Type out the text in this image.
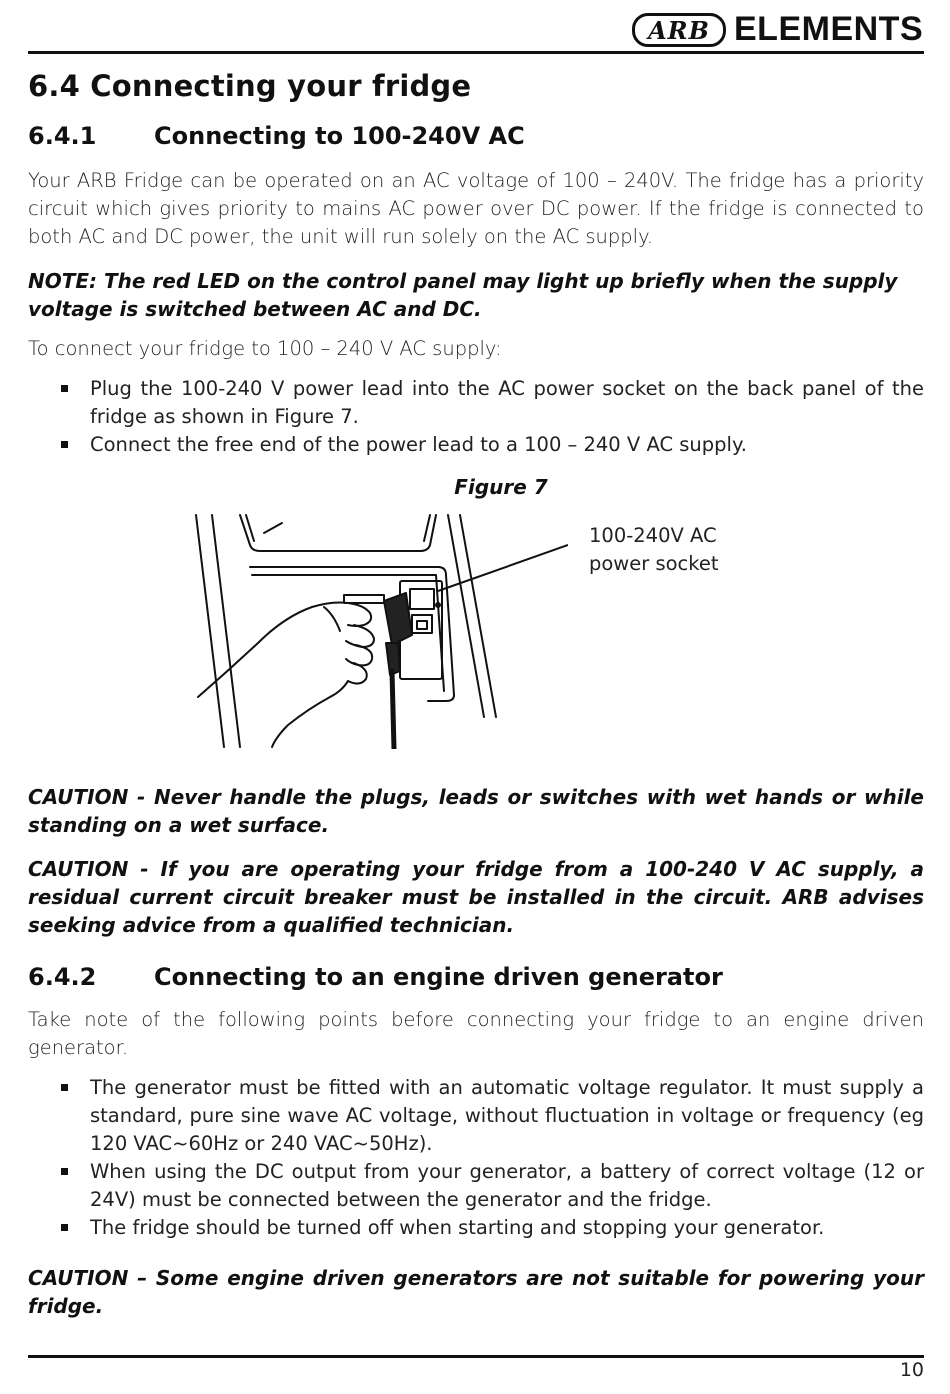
ARB ELEMENTS
6.4 Connecting your fridge
6.4.1	Connecting to 100-240V AC

Your ARB Fridge can be operated on an AC voltage of 100 – 240V. The fridge has a priority circuit which gives priority to mains AC power over DC power. If the fridge is connected to both AC and DC power, the unit will run solely on the AC supply.

NOTE: The red LED on the control panel may light up briefly when the supply voltage is switched between AC and DC.

To connect your fridge to 100 – 240 V AC supply:

Plug the 100-240 V power lead into the AC power socket on the back panel of the fridge as shown in Figure 7.
Connect the free end of the power lead to a 100 – 240 V AC supply.
Figure 7
100-240V AC
power socket

CAUTION - Never handle the plugs, leads or switches with wet hands or while standing on a wet surface.

CAUTION - If you are operating your fridge from a 100-240 V AC supply, a residual current circuit breaker must be installed in the circuit. ARB advises seeking advice from a qualified technician.

6.4.2	Connecting to an engine driven generator

Take note of the following points before connecting your fridge to an engine driven generator.

The generator must be fitted with an automatic voltage regulator. It must supply a standard, pure sine wave AC voltage, without fluctuation in voltage or frequency (eg 120 VAC~60Hz or 240 VAC~50Hz).
When using the DC output from your generator, a battery of correct voltage (12 or 24V) must be connected between the generator and the fridge.
The fridge should be turned off when starting and stopping your generator.

CAUTION – Some engine driven generators are not suitable for powering your fridge.

10
